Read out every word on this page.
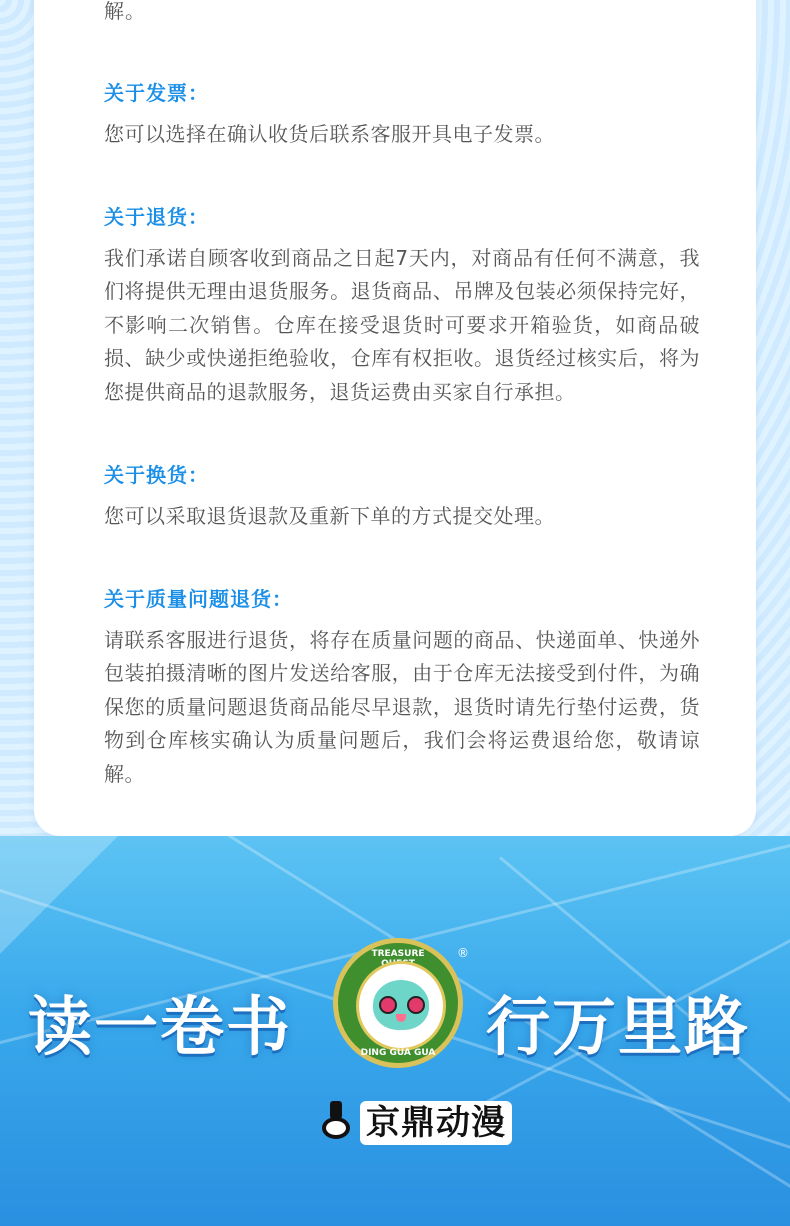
解。

关于发票：

您可以选择在确认收货后联系客服开具电子发票。

关于退货：

我们承诺自顾客收到商品之日起7天内，对商品有任何不满意，我们将提供无理由退货服务。退货商品、吊牌及包装必须保持完好，不影响二次销售。仓库在接受退货时可要求开箱验货，如商品破损、缺少或快递拒绝验收，仓库有权拒收。退货经过核实后，将为您提供商品的退款服务，退货运费由买家自行承担。

关于换货：

您可以采取退货退款及重新下单的方式提交处理。

关于质量问题退货：

请联系客服进行退货，将存在质量问题的商品、快递面单、快递外包装拍摄清晰的图片发送给客服，由于仓库无法接受到付件，为确保您的质量问题退货商品能尽早退款，退货时请先行垫付运费，货物到仓库核实确认为质量问题后，我们会将运费退给您，敬请谅解。

读一卷书	行万里路
TREASURE
DING GUA GUA
®
京鼎动漫
